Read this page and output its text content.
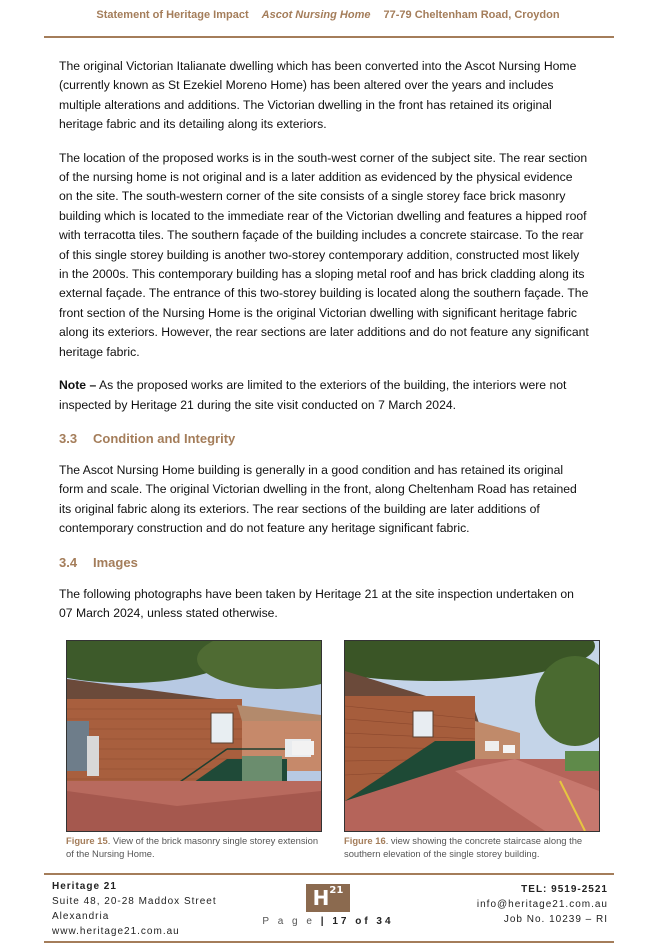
Statement of Heritage Impact Ascot Nursing Home 77-79 Cheltenham Road, Croydon

The original Victorian Italianate dwelling which has been converted into the Ascot Nursing Home (currently known as St Ezekiel Moreno Home) has been altered over the years and includes multiple alterations and additions. The Victorian dwelling in the front has retained its original heritage fabric and its detailing along its exteriors.

The location of the proposed works is in the south-west corner of the subject site. The rear section of the nursing home is not original and is a later addition as evidenced by the physical evidence on the site. The south-western corner of the site consists of a single storey face brick masonry building which is located to the immediate rear of the Victorian dwelling and features a hipped roof with terracotta tiles. The southern façade of the building includes a concrete staircase. To the rear of this single storey building is another two-storey contemporary addition, constructed most likely in the 2000s. This contemporary building has a sloping metal roof and has brick cladding along its external façade. The entrance of this two-storey building is located along the southern façade. The front section of the Nursing Home is the original Victorian dwelling with significant heritage fabric along its exteriors. However, the rear sections are later additions and do not feature any significant heritage fabric.

Note – As the proposed works are limited to the exteriors of the building, the interiors were not inspected by Heritage 21 during the site visit conducted on 7 March 2024.

3.3 Condition and Integrity

The Ascot Nursing Home building is generally in a good condition and has retained its original form and scale. The original Victorian dwelling in the front, along Cheltenham Road has retained its original fabric along its exteriors. The rear sections of the building are later additions of contemporary construction and do not feature any heritage significant fabric.

3.4 Images

The following photographs have been taken by Heritage 21 at the site inspection undertaken on 07 March 2024, unless stated otherwise.

Figure 15. View of the brick masonry single storey extension of the Nursing Home.
Figure 16. view showing the concrete staircase along the southern elevation of the single storey building.
Heritage 21
Suite 48, 20-28 Maddox Street
Alexandria
www.heritage21.com.au
$H^{21}$
P a g e | 17 of 34
TEL: 9519-2521
info@heritage21.com.au
Job No. 10239 – RI
